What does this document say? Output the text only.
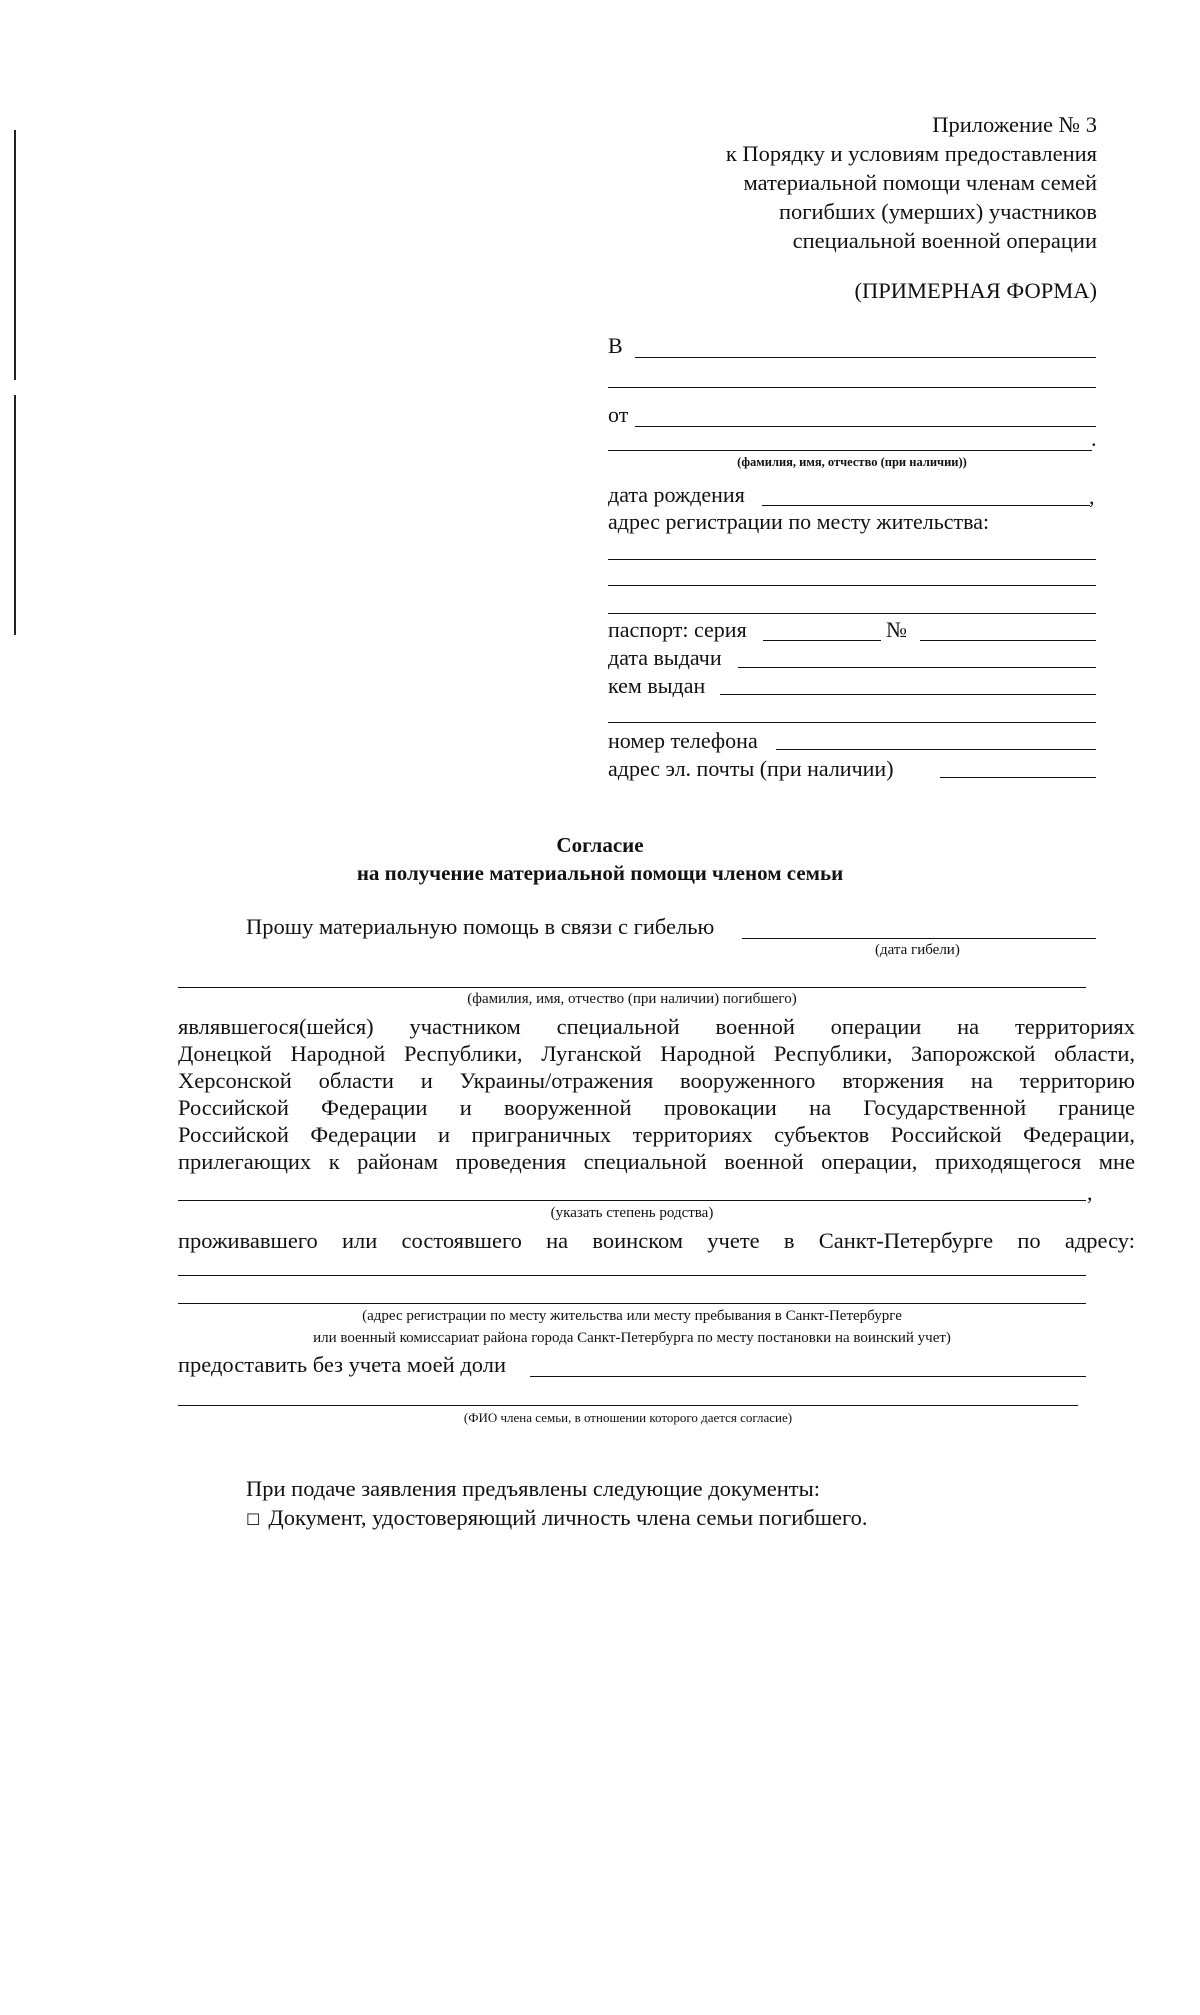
Приложение № 3
к Порядку и условиям предоставления
материальной помощи членам семей
погибших (умерших) участников
специальной военной операции
(ПРИМЕРНАЯ ФОРМА)
В
от
.
(фамилия, имя, отчество (при наличии))
дата рождения	,
адрес регистрации по месту жительства:
паспорт: серия	№
дата выдачи
кем выдан
номер телефона
адрес эл. почты (при наличии)
Согласие
на получение материальной помощи членом семьи
Прошу материальную помощь в связи с гибелью
(дата гибели)
(фамилия, имя, отчество (при наличии) погибшего)
являвшегося(шейся) участником специальной военной операции на территориях
Донецкой Народной Республики, Луганской Народной Республики, Запорожской области,
Херсонской области и Украины/отражения вооруженного вторжения на территорию
Российской Федерации и вооруженной провокации на Государственной границе
Российской Федерации и приграничных территориях субъектов Российской Федерации,
прилегающих к районам проведения специальной военной операции, приходящегося мне
,
(указать степень родства)
проживавшего или состоявшего на воинском учете в Санкт-Петербурге по адресу:
(адрес регистрации по месту жительства или месту пребывания в Санкт-Петербурге
или военный комиссариат района города Санкт-Петербурга по месту постановки на воинский учет)
предоставить без учета моей доли
(ФИО члена семьи, в отношении которого дается согласие)
При подаче заявления предъявлены следующие документы:
☐ Документ, удостоверяющий личность члена семьи погибшего.
